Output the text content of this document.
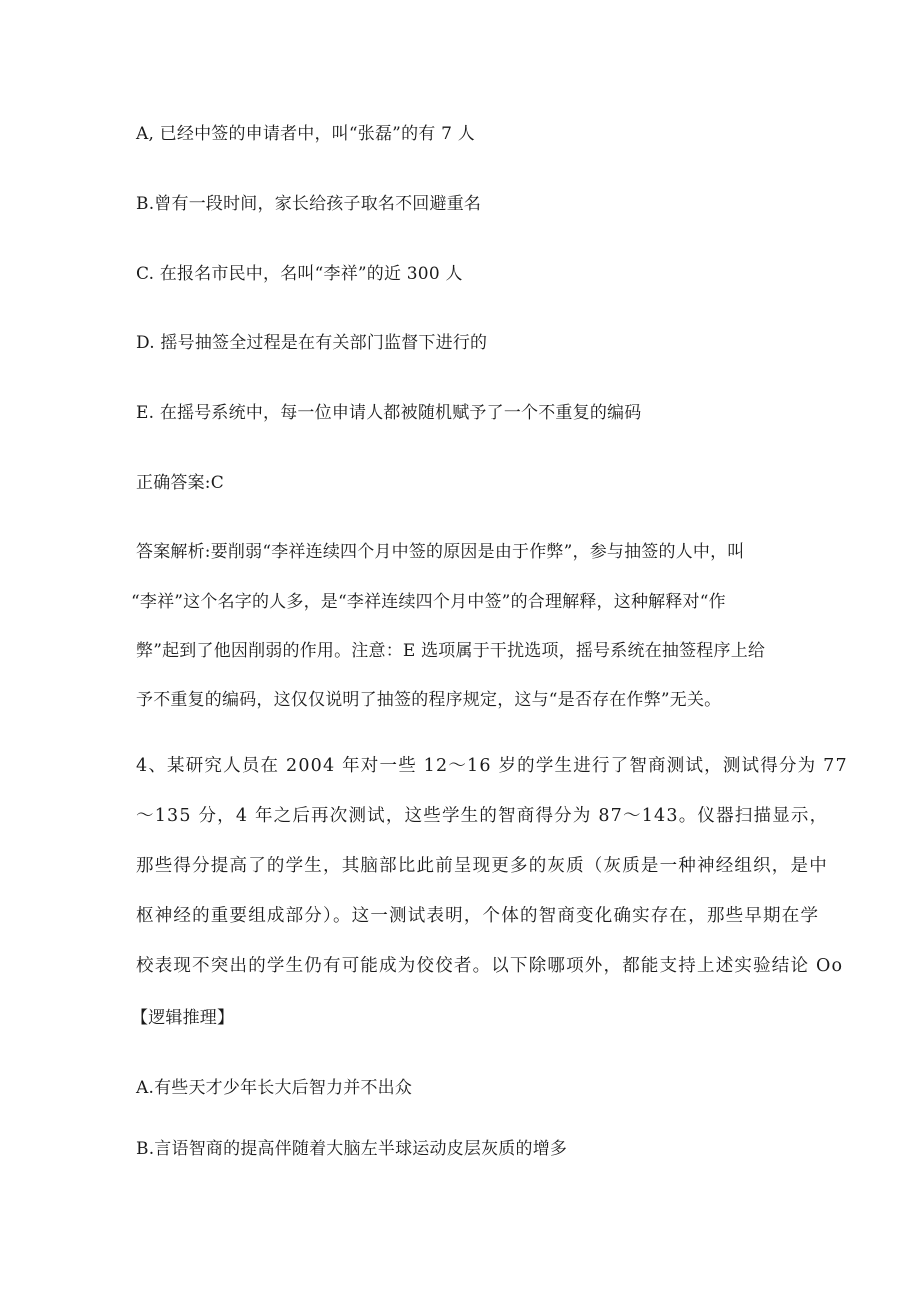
A, 已经中签的申请者中，叫“张磊”的有 7 人
B.曾有一段时间，家长给孩子取名不回避重名
C. 在报名市民中，名叫“李祥”的近 300 人
D. 摇号抽签全过程是在有关部门监督下进行的
E. 在摇号系统中，每一位申请人都被随机赋予了一个不重复的编码
正确答案:C
答案解析:要削弱“李祥连续四个月中签的原因是由于作弊”，参与抽签的人中，叫
“李祥”这个名字的人多，是“李祥连续四个月中签”的合理解释，这种解释对“作
弊”起到了他因削弱的作用。注意：E 选项属于干扰选项，摇号系统在抽签程序上给
予不重复的编码，这仅仅说明了抽签的程序规定，这与“是否存在作弊”无关。
4、某研究人员在 2004 年对一些 12～16 岁的学生进行了智商测试，测试得分为 77
～135 分，4 年之后再次测试，这些学生的智商得分为 87～143。仪器扫描显示，
那些得分提高了的学生，其脑部比此前呈现更多的灰质（灰质是一种神经组织，是中
枢神经的重要组成部分）。这一测试表明，个体的智商变化确实存在，那些早期在学
校表现不突出的学生仍有可能成为佼佼者。以下除哪项外，都能支持上述实验结论 Oo
【逻辑推理】
A.有些天才少年长大后智力并不出众
B.言语智商的提高伴随着大脑左半球运动皮层灰质的增多
